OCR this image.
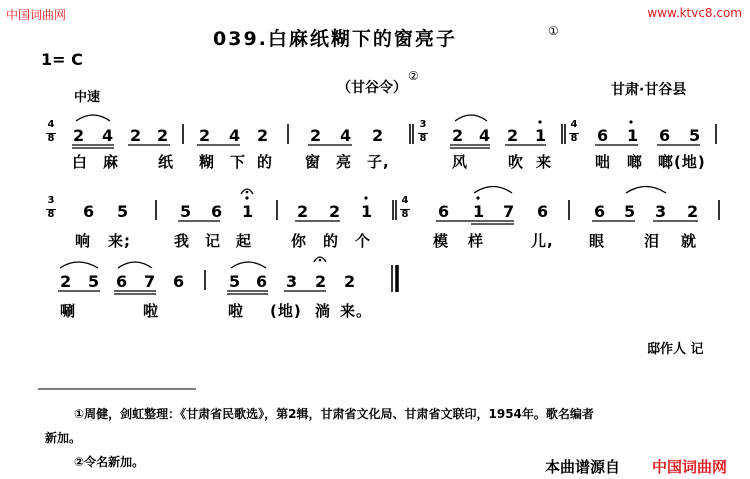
中国词曲网	www.ktvc8.com
039.白麻纸糊下的窗亮子	①
1= C
（甘谷令）
②
甘肃·甘谷县
中速
4
8 2 4 2 2 2 4 2	2 4 2
3
8 2 4 2 1
4
8 6 1 6 5
白 麻	纸 糊 下 的 窗 亮 子,	风	吹 来	咄 啷 啷(地)
3
8 6 5	5 6 1	2 2 1
4
8 6 1 7 6	6 5 3 2
响 来;	我 记 起	你 的 个	模 样	儿, 眼	泪 就
2 5 6 7 6	5 6 3 2 2
唰	啦	啦 (地) 淌 来。
邸作人 记
①周健，剑虹整理：《甘肃省民歌选》，第2辑，甘肃省文化局、甘肃省文联印，1954年。歌名编者
新加。
②令名新加。	本曲谱源自 中国词曲网
